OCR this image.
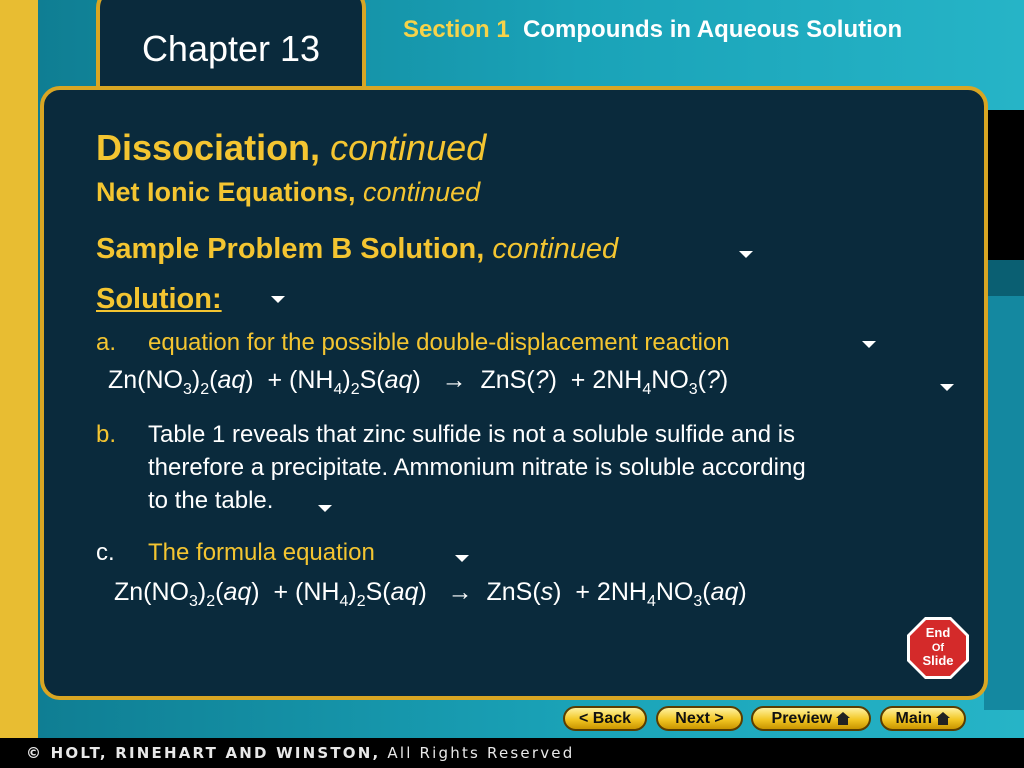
Chapter 13	Section 1 Compounds in Aqueous Solution
Dissociation, continued
Net Ionic Equations, continued
Sample Problem B Solution, continued
Solution:
a. equation for the possible double-displacement reaction
$Zn(NO_3)_2(aq) + (NH_4)_2S(aq)$   →  ZnS(?)  + $2NH_4NO_3(?)$
b. Table 1 reveals that zinc sulfide is not a soluble sulfide and is
therefore a precipitate. Ammonium nitrate is soluble according
to the table.
c. The formula equation
$Zn(NO_3)_2(aq) + (NH_4)_2S(aq) \to ZnS(s) + 2NH_4NO_3(aq)$
End
Of
Slide
< Back	Next >	Preview	Main
© HOLT, RINEHART AND WINSTON, All Rights Reserved
